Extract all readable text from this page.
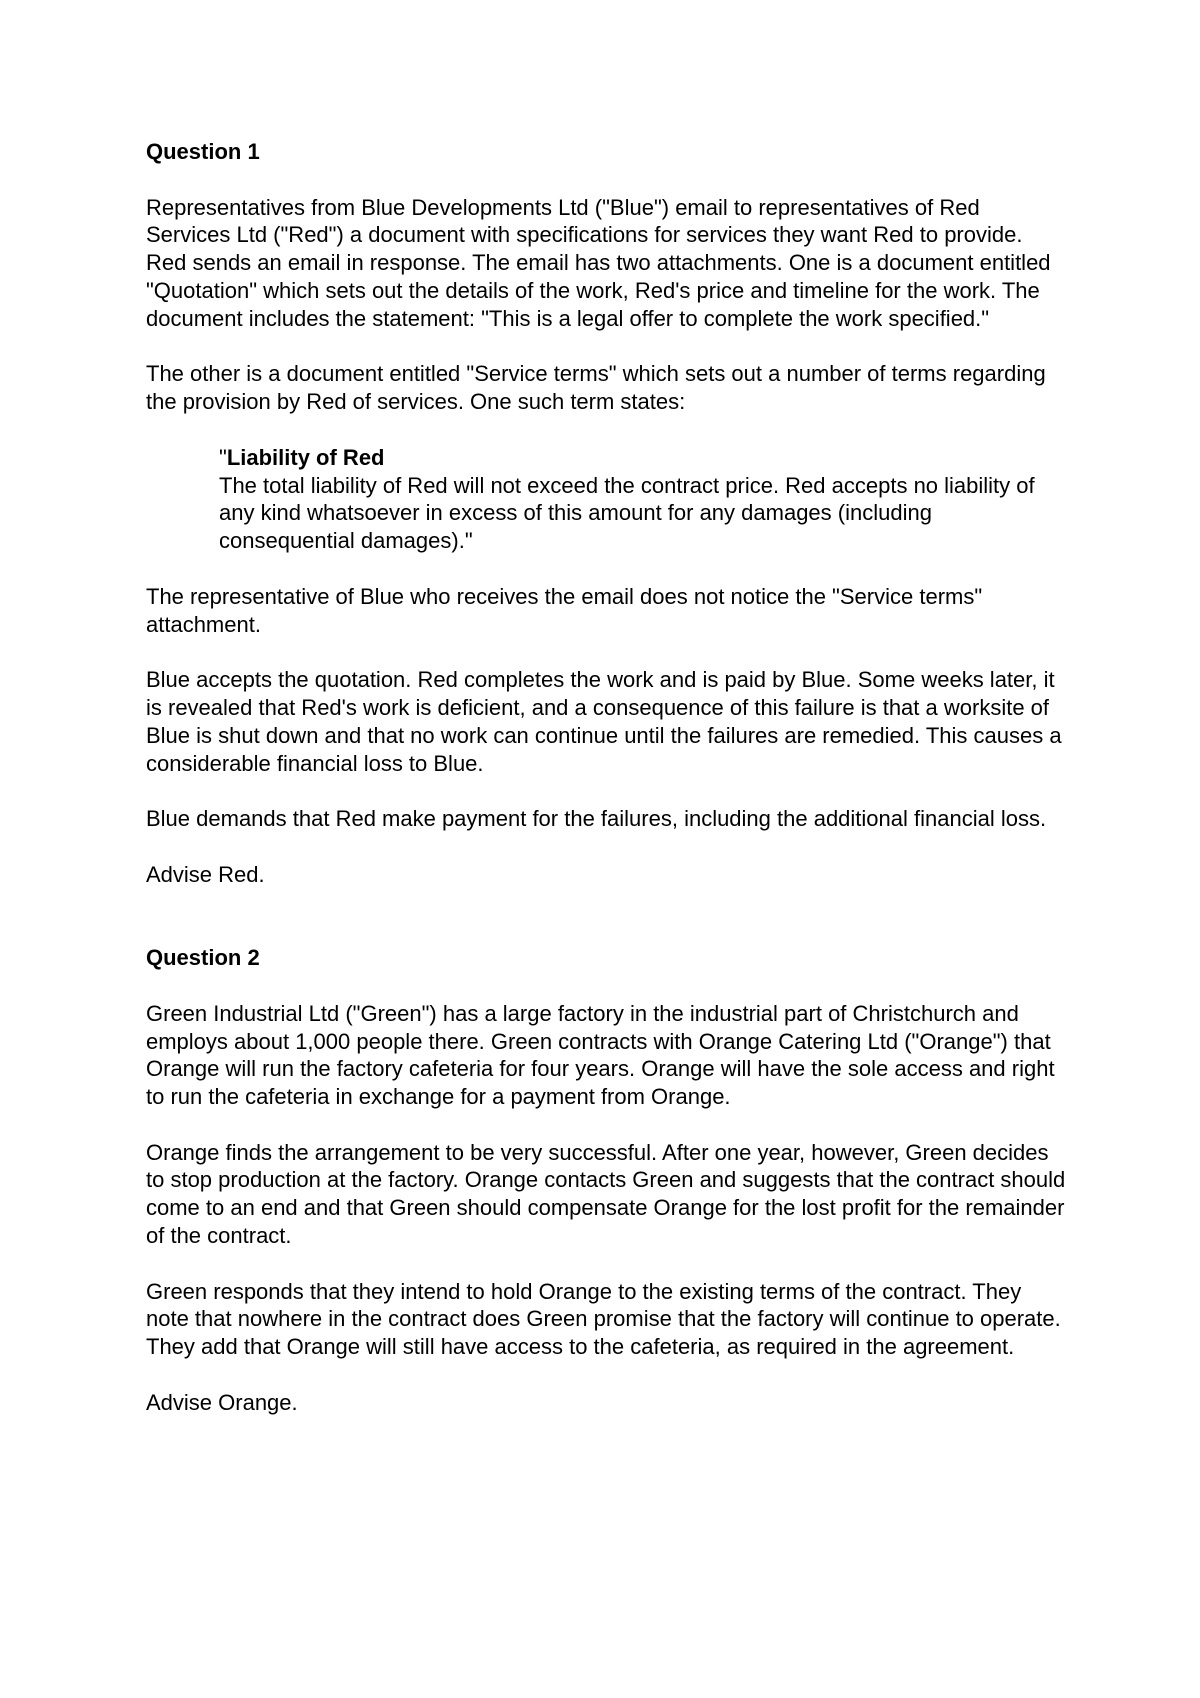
Question 1
Representatives from Blue Developments Ltd ("Blue") email to representatives of Red Services Ltd ("Red") a document with specifications for services they want Red to provide. Red sends an email in response. The email has two attachments. One is a document entitled "Quotation" which sets out the details of the work, Red's price and timeline for the work. The document includes the statement: "This is a legal offer to complete the work specified."
The other is a document entitled "Service terms" which sets out a number of terms regarding the provision by Red of services. One such term states:
"Liability of Red
The total liability of Red will not exceed the contract price. Red accepts no liability of any kind whatsoever in excess of this amount for any damages (including consequential damages)."
The representative of Blue who receives the email does not notice the "Service terms" attachment.
Blue accepts the quotation. Red completes the work and is paid by Blue. Some weeks later, it is revealed that Red's work is deficient, and a consequence of this failure is that a worksite of Blue is shut down and that no work can continue until the failures are remedied. This causes a considerable financial loss to Blue.
Blue demands that Red make payment for the failures, including the additional financial loss.
Advise Red.
Question 2
Green Industrial Ltd ("Green") has a large factory in the industrial part of Christchurch and employs about 1,000 people there. Green contracts with Orange Catering Ltd ("Orange") that Orange will run the factory cafeteria for four years. Orange will have the sole access and right to run the cafeteria in exchange for a payment from Orange.
Orange finds the arrangement to be very successful. After one year, however, Green decides to stop production at the factory. Orange contacts Green and suggests that the contract should come to an end and that Green should compensate Orange for the lost profit for the remainder of the contract.
Green responds that they intend to hold Orange to the existing terms of the contract. They note that nowhere in the contract does Green promise that the factory will continue to operate. They add that Orange will still have access to the cafeteria, as required in the agreement.
Advise Orange.
